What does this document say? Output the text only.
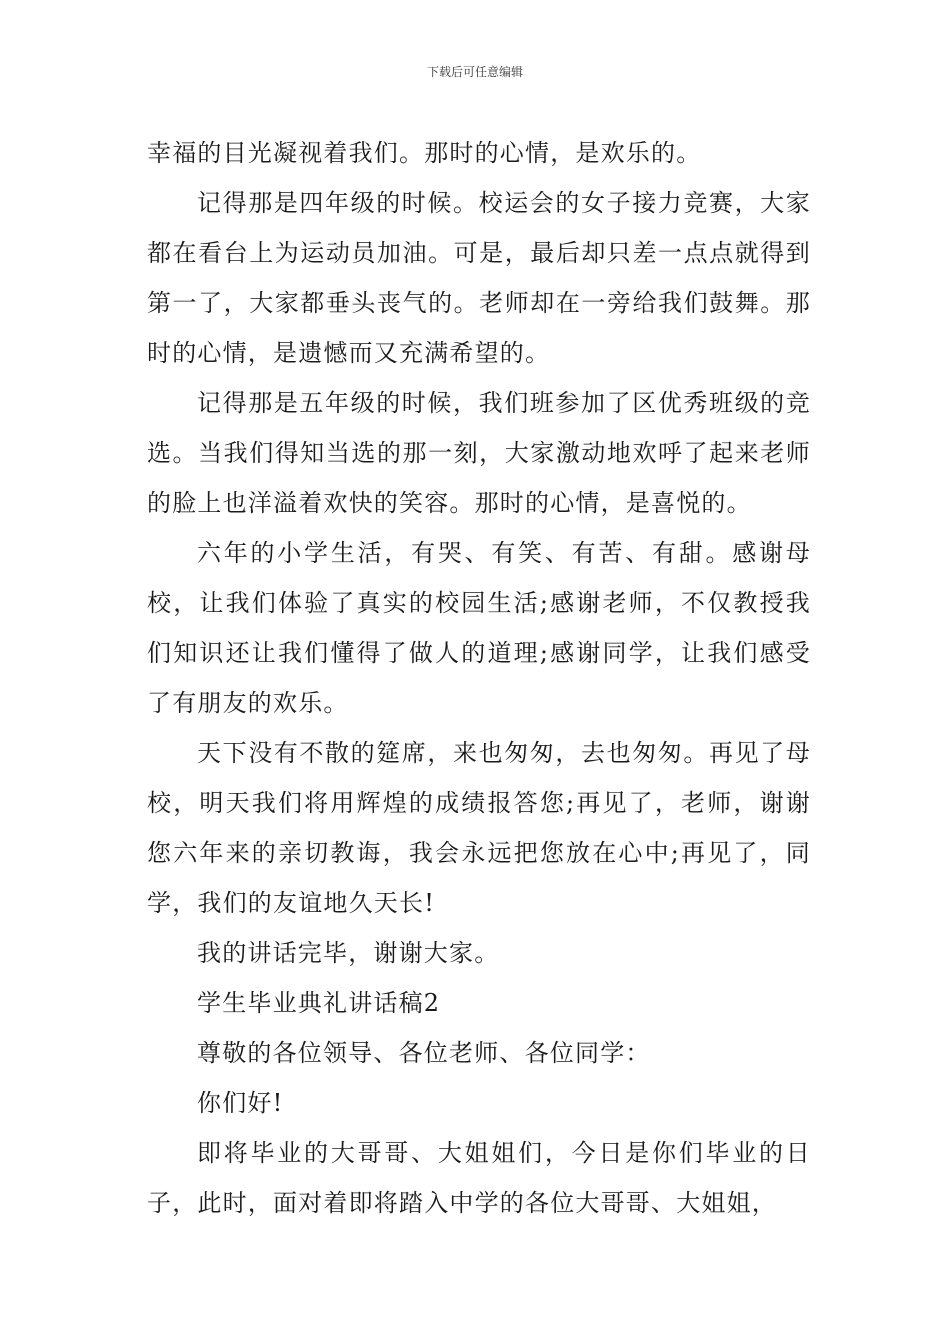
下载后可任意编辑

幸福的目光凝视着我们。那时的心情，是欢乐的。

记得那是四年级的时候。校运会的女子接力竞赛，大家都在看台上为运动员加油。可是，最后却只差一点点就得到第一了，大家都垂头丧气的。老师却在一旁给我们鼓舞。那时的心情，是遗憾而又充满希望的。

记得那是五年级的时候，我们班参加了区优秀班级的竞选。当我们得知当选的那一刻，大家激动地欢呼了起来老师的脸上也洋溢着欢快的笑容。那时的心情，是喜悦的。

六年的小学生活，有哭、有笑、有苦、有甜。感谢母校，让我们体验了真实的校园生活;感谢老师，不仅教授我们知识还让我们懂得了做人的道理;感谢同学，让我们感受了有朋友的欢乐。

天下没有不散的筵席，来也匆匆，去也匆匆。再见了母校，明天我们将用辉煌的成绩报答您;再见了，老师，谢谢您六年来的亲切教诲，我会永远把您放在心中;再见了，同学，我们的友谊地久天长!

我的讲话完毕，谢谢大家。

学生毕业典礼讲话稿2

尊敬的各位领导、各位老师、各位同学：

你们好!

即将毕业的大哥哥、大姐姐们，今日是你们毕业的日子，此时，面对着即将踏入中学的各位大哥哥、大姐姐，
